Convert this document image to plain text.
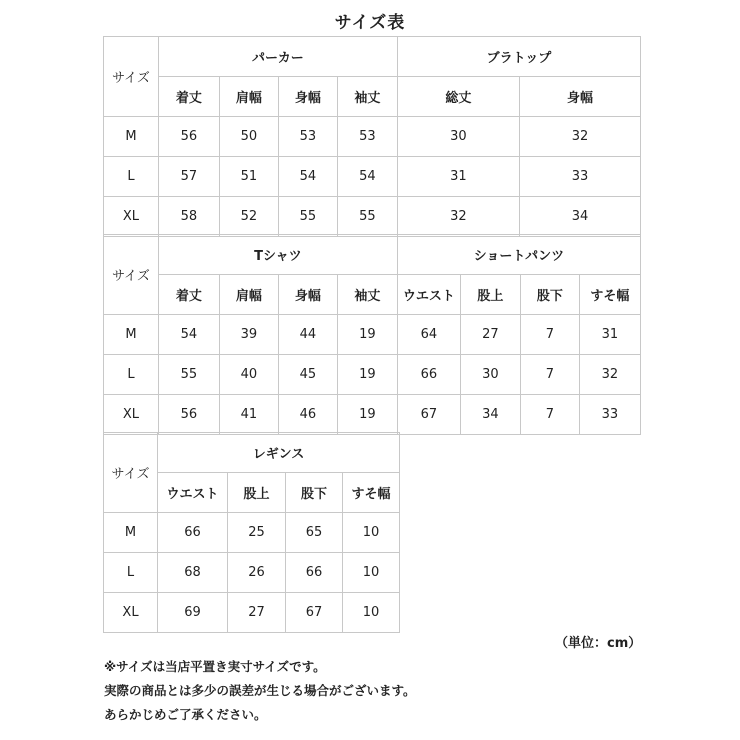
サイズ表
サイズ	パーカー				ブラトップ	
	着丈	肩幅	身幅	袖丈	総丈	身幅
M	56	50	53	53	30	32
L	57	51	54	54	31	33
XL	58	52	55	55	32	34
サイズ	Tシャツ				ショートパンツ			
	着丈	肩幅	身幅	袖丈	ウエスト	股上	股下	すそ幅
M	54	39	44	19	64	27	7	31
L	55	40	45	19	66	30	7	32
XL	56	41	46	19	67	34	7	33
サイズ	レギンス			
	ウエスト	股上	股下	すそ幅
M	66	25	65	10
L	68	26	66	10
XL	69	27	67	10
（単位：cm）
※サイズは当店平置き実寸サイズです。
実際の商品とは多少の誤差が生じる場合がございます。
あらかじめご了承ください。
